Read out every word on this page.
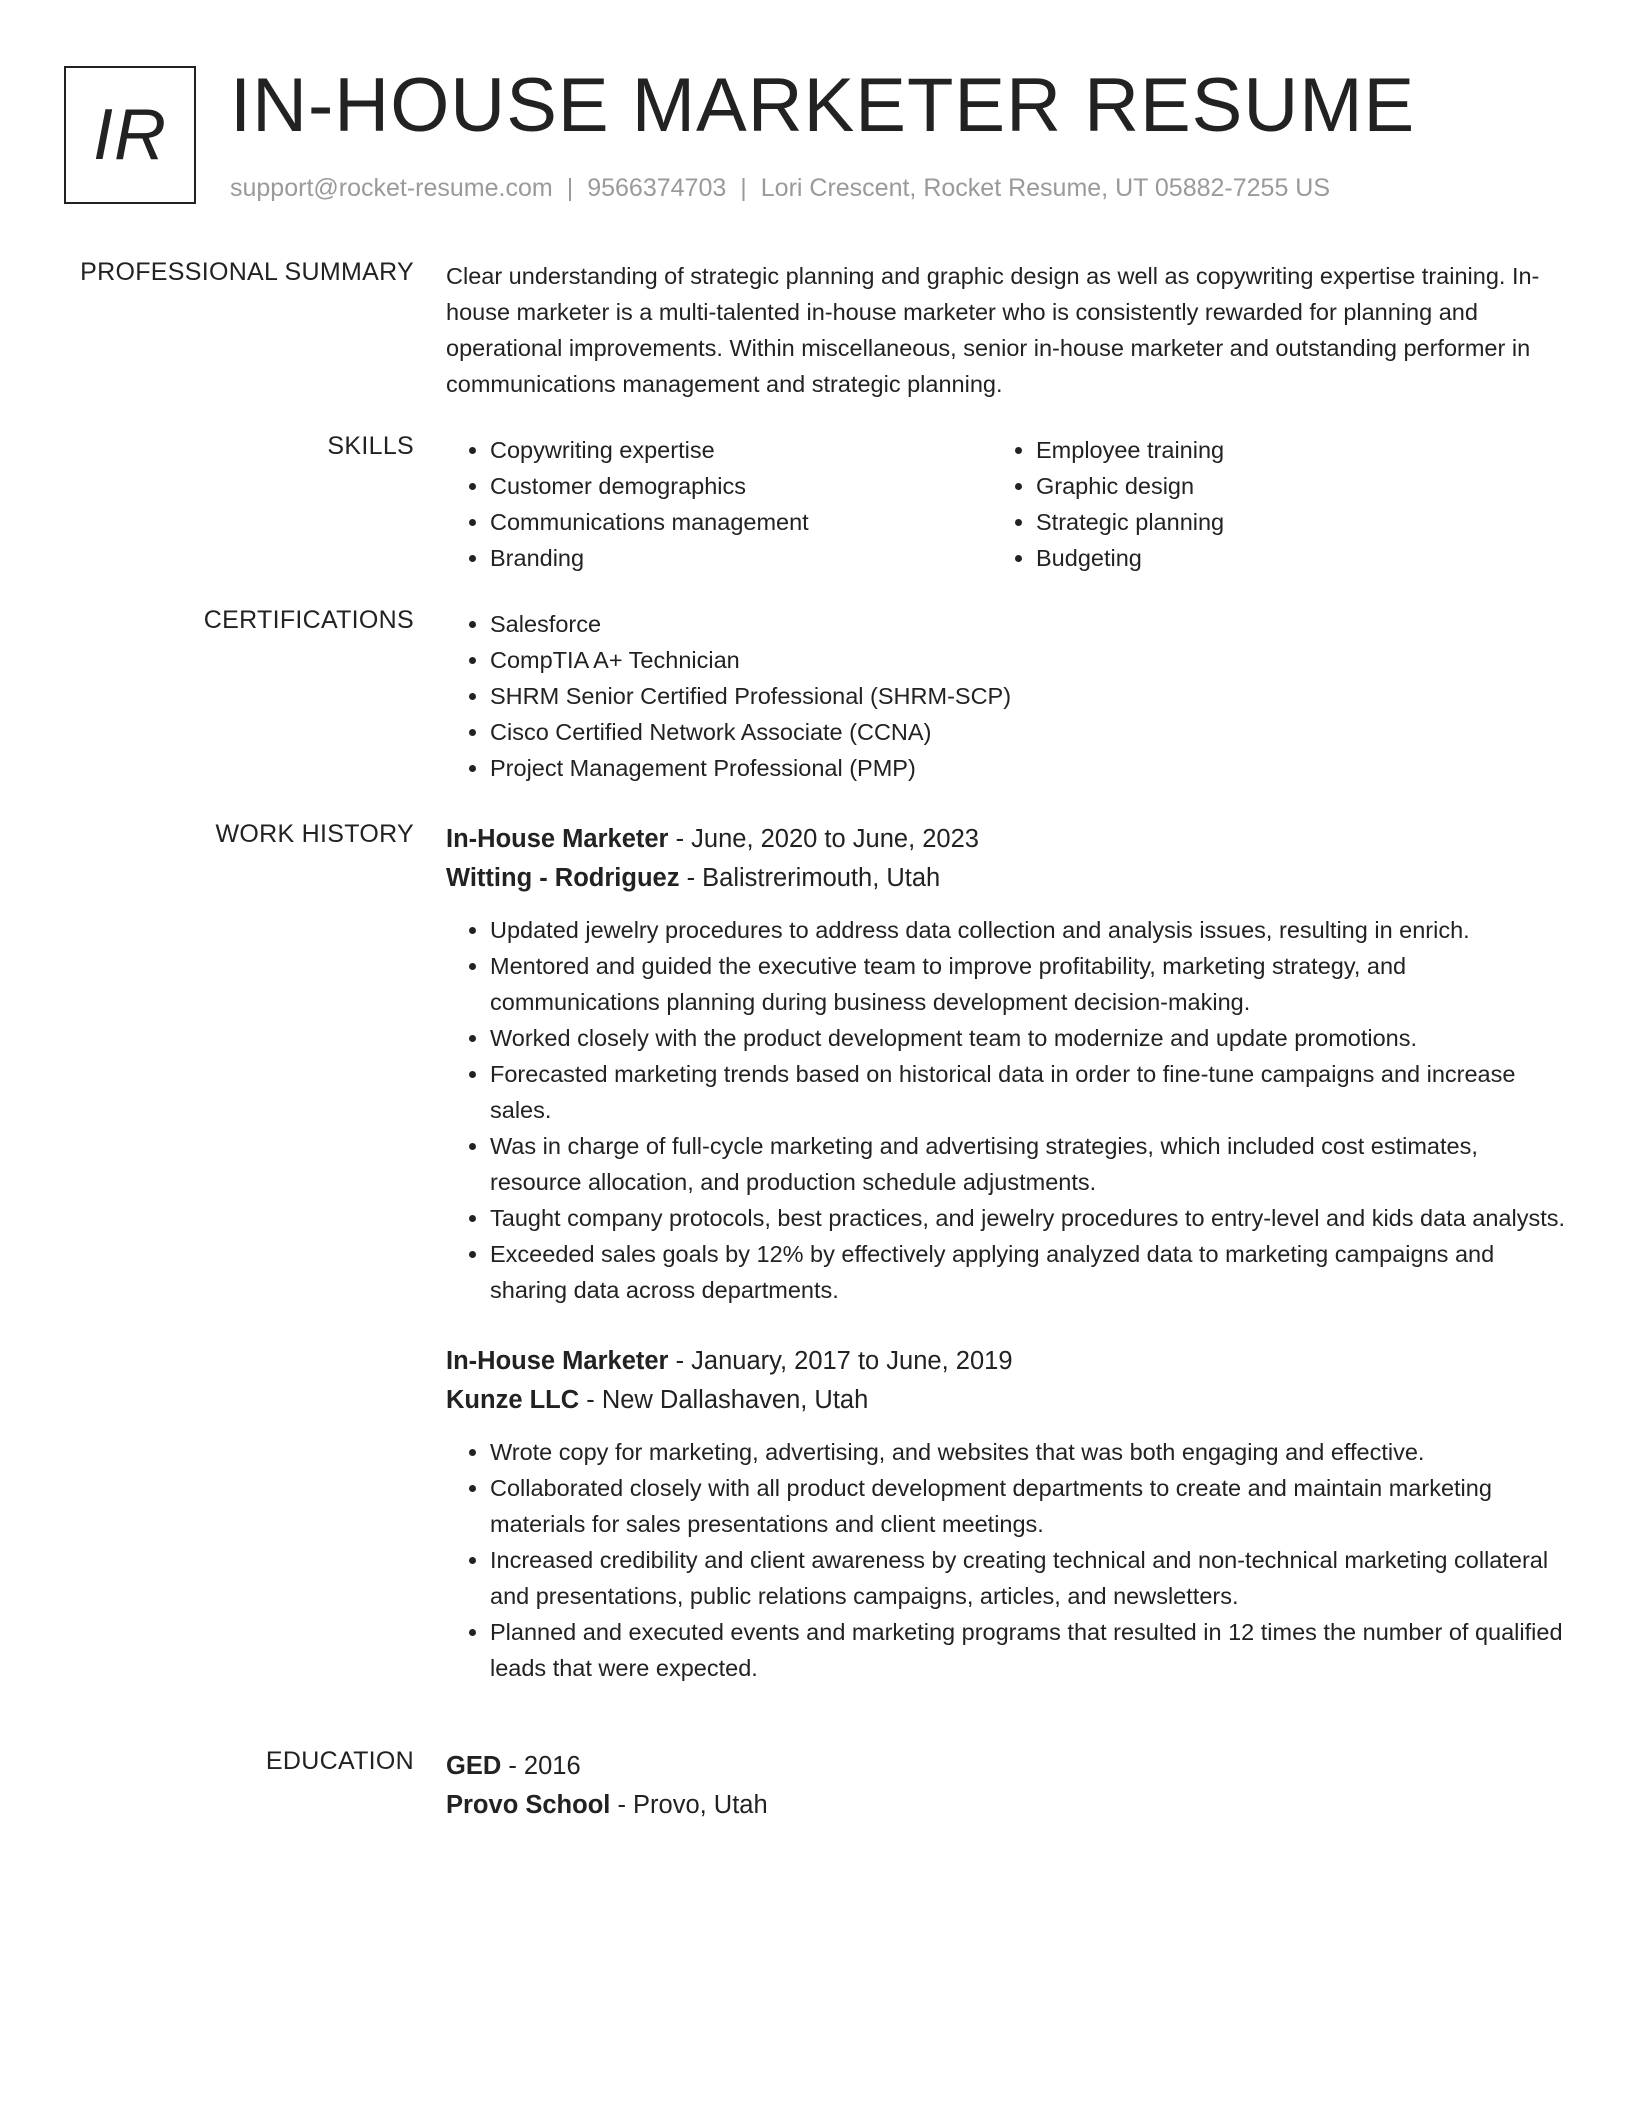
IR IN-HOUSE MARKETER RESUME
support@rocket-resume.com | 9566374703 | Lori Crescent, Rocket Resume, UT 05882-7255 US
PROFESSIONAL SUMMARY Clear understanding of strategic planning and graphic design as well as copywriting expertise training. In-house marketer is a multi-talented in-house marketer who is consistently rewarded for planning and operational improvements. Within miscellaneous, senior in-house marketer and outstanding performer in communications management and strategic planning.

SKILLS	• Copywriting expertise
• Customer demographics
• Communications management
• Branding
• Employee training
• Graphic design
• Strategic planning
• Budgeting
CERTIFICATIONS	• Salesforce
• CompTIA A+ Technician
• SHRM Senior Certified Professional (SHRM-SCP)
• Cisco Certified Network Associate (CCNA)
• Project Management Professional (PMP)
WORK HISTORY In-House Marketer - June, 2020 to June, 2023
Witting - Rodriguez - Balistrerimouth, Utah
• Updated jewelry procedures to address data collection and analysis issues, resulting in enrich.
• Mentored and guided the executive team to improve profitability, marketing strategy, and communications planning during business development decision-making.
• Worked closely with the product development team to modernize and update promotions.
• Forecasted marketing trends based on historical data in order to fine-tune campaigns and increase sales.
• Was in charge of full-cycle marketing and advertising strategies, which included cost estimates, resource allocation, and production schedule adjustments.
• Taught company protocols, best practices, and jewelry procedures to entry-level and kids data analysts.
• Exceeded sales goals by 12% by effectively applying analyzed data to marketing campaigns and sharing data across departments.
In-House Marketer - January, 2017 to June, 2019
Kunze LLC - New Dallashaven, Utah
• Wrote copy for marketing, advertising, and websites that was both engaging and effective.
• Collaborated closely with all product development departments to create and maintain marketing materials for sales presentations and client meetings.
• Increased credibility and client awareness by creating technical and non-technical marketing collateral and presentations, public relations campaigns, articles, and newsletters.
• Planned and executed events and marketing programs that resulted in 12 times the number of qualified leads that were expected.
EDUCATION GED - 2016
Provo School - Provo, Utah
